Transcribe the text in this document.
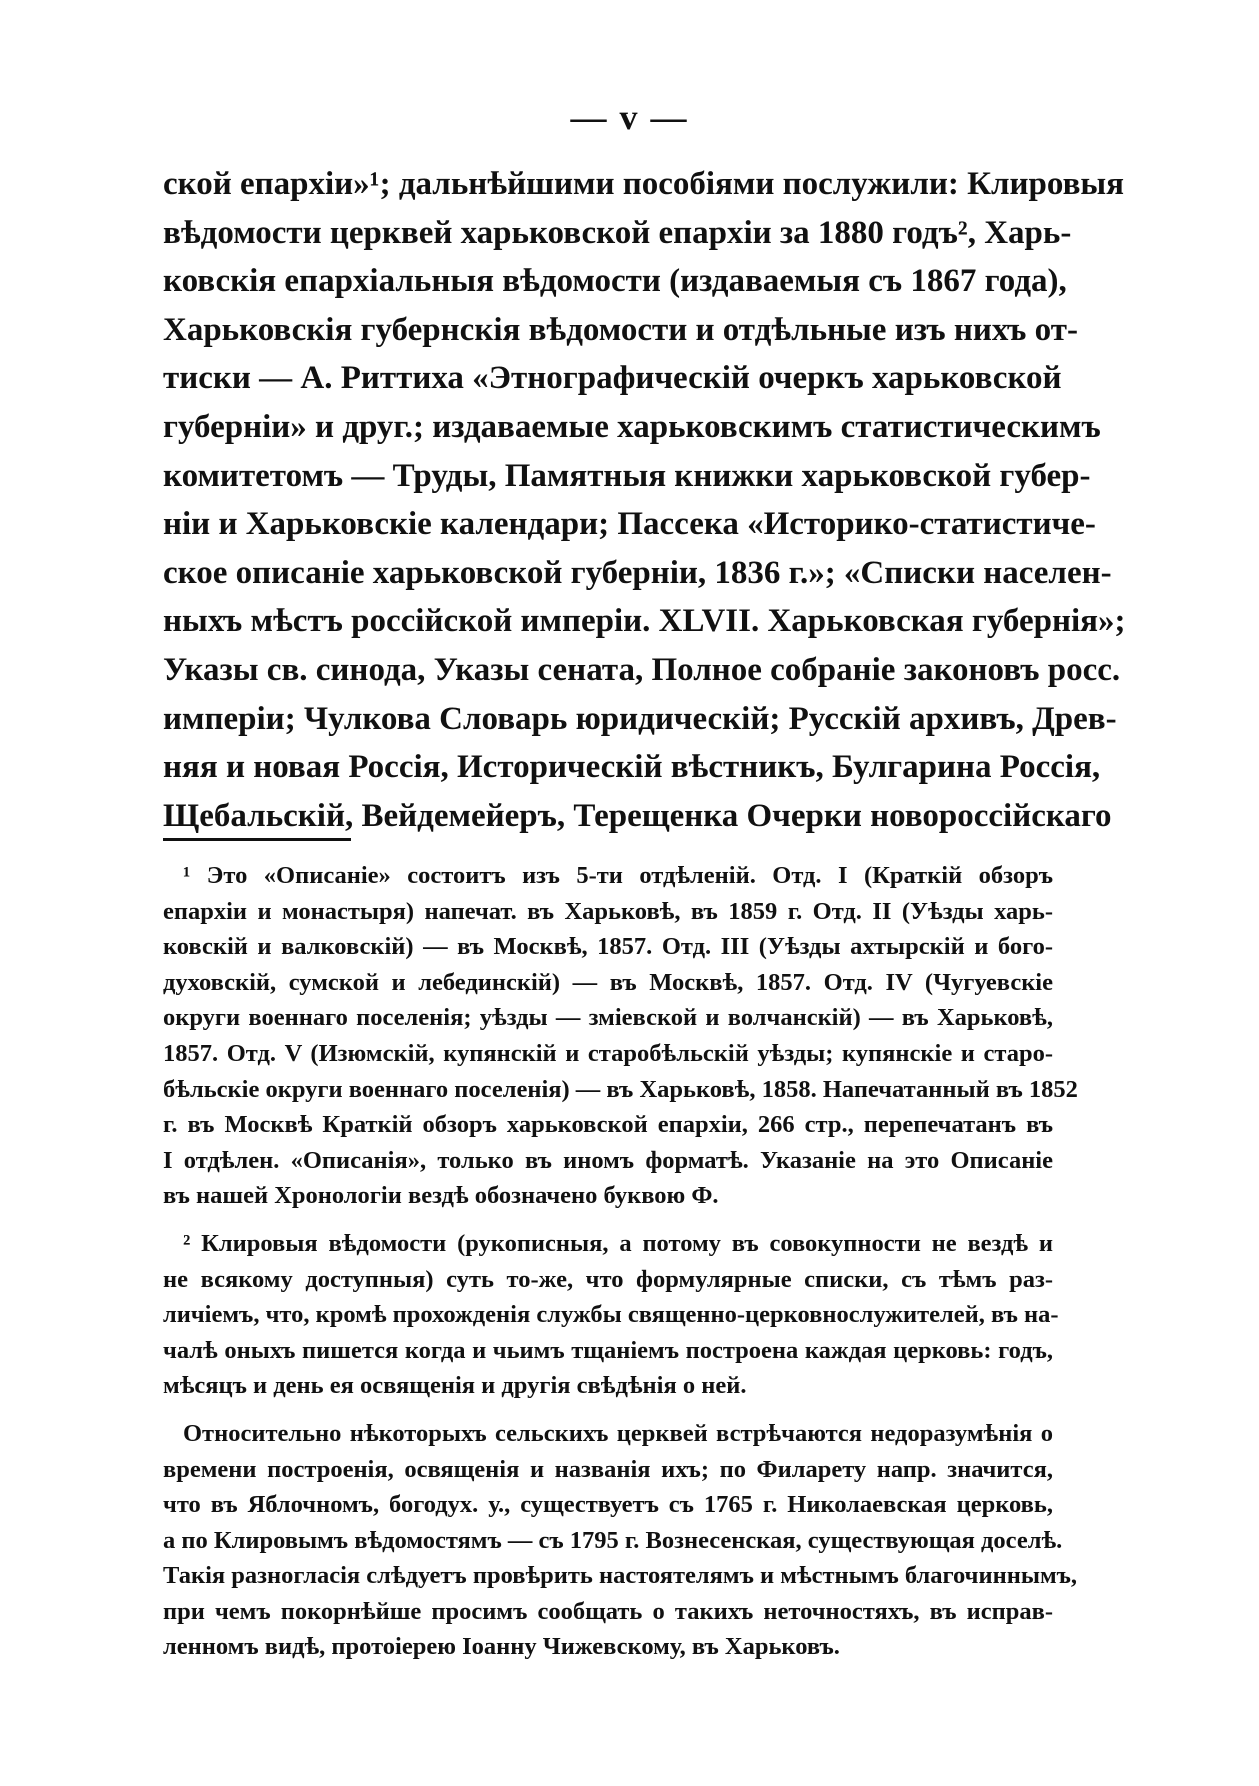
— v —
ской епархіи»¹; дальнѣйшими пособіями послужили: Клировыя
вѣдомости церквей харьковской епархіи за 1880 годъ², Харь-
ковскія епархіальныя вѣдомости (издаваемыя съ 1867 года),
Харьковскія губернскія вѣдомости и отдѣльные изъ нихъ от-
тиски — А. Риттиха «Этнографическій очеркъ харьковской
губерніи» и друг.; издаваемые харьковскимъ статистическимъ
комитетомъ — Труды, Памятныя книжки харьковской губер-
ніи и Харьковскіе календари; Пассека «Историко-статистиче-
ское описаніе харьковской губерніи, 1836 г.»; «Списки населен-
ныхъ мѣстъ россійской имперіи. XLVII. Харьковская губернія»;
Указы св. синода, Указы сената, Полное собраніе законовъ росс.
имперіи; Чулкова Словарь юридическій; Русскій архивъ, Древ-
няя и новая Россія, Историческій вѣстникъ, Булгарина Россія,
Щебальскій, Вейдемейеръ, Терещенка Очерки новороссійскаго
¹ Это «Описаніе» состоитъ изъ 5-ти отдѣленій. Отд. I (Краткій обзоръ
епархіи и монастыря) напечат. въ Харьковѣ, въ 1859 г. Отд. II (Уѣзды харь-
ковскій и валковскій) — въ Москвѣ, 1857. Отд. III (Уѣзды ахтырскій и бого-
духовскій, сумской и лебединскій) — въ Москвѣ, 1857. Отд. IV (Чугуевскіе
округи военнаго поселенія; уѣзды — зміевской и волчанскій) — въ Харьковѣ,
1857. Отд. V (Изюмскій, купянскій и старобѣльскій уѣзды; купянскіе и старо-
бѣльскіе округи военнаго поселенія) — въ Харьковѣ, 1858. Напечатанный въ 1852
г. въ Москвѣ Краткій обзоръ харьковской епархіи, 266 стр., перепечатанъ въ
I отдѣлен. «Описанія», только въ иномъ форматѣ. Указаніе на это Описаніе
въ нашей Хронологіи вездѣ обозначено буквою Ф.
² Клировыя вѣдомости (рукописныя, а потому въ совокупности не вездѣ и
не всякому доступныя) суть то-же, что формулярные списки, съ тѣмъ раз-
личіемъ, что, кромѣ прохожденія службы священно-церковнослужителей, въ на-
чалѣ оныхъ пишется когда и чьимъ тщаніемъ построена каждая церковь: годъ,
мѣсяцъ и день ея освященія и другія свѣдѣнія о ней.
Относительно нѣкоторыхъ сельскихъ церквей встрѣчаются недоразумѣнія о
времени построенія, освященія и названія ихъ; по Филарету напр. значится,
что въ Яблочномъ, богодух. у., существуетъ съ 1765 г. Николаевская церковь,
а по Клировымъ вѣдомостямъ — съ 1795 г. Вознесенская, существующая доселѣ.
Такія разногласія слѣдуетъ провѣрить настоятелямъ и мѣстнымъ благочиннымъ,
при чемъ покорнѣйше просимъ сообщать о такихъ неточностяхъ, въ исправ-
ленномъ видѣ, протоіерею Іоанну Чижевскому, въ Харьковъ.
